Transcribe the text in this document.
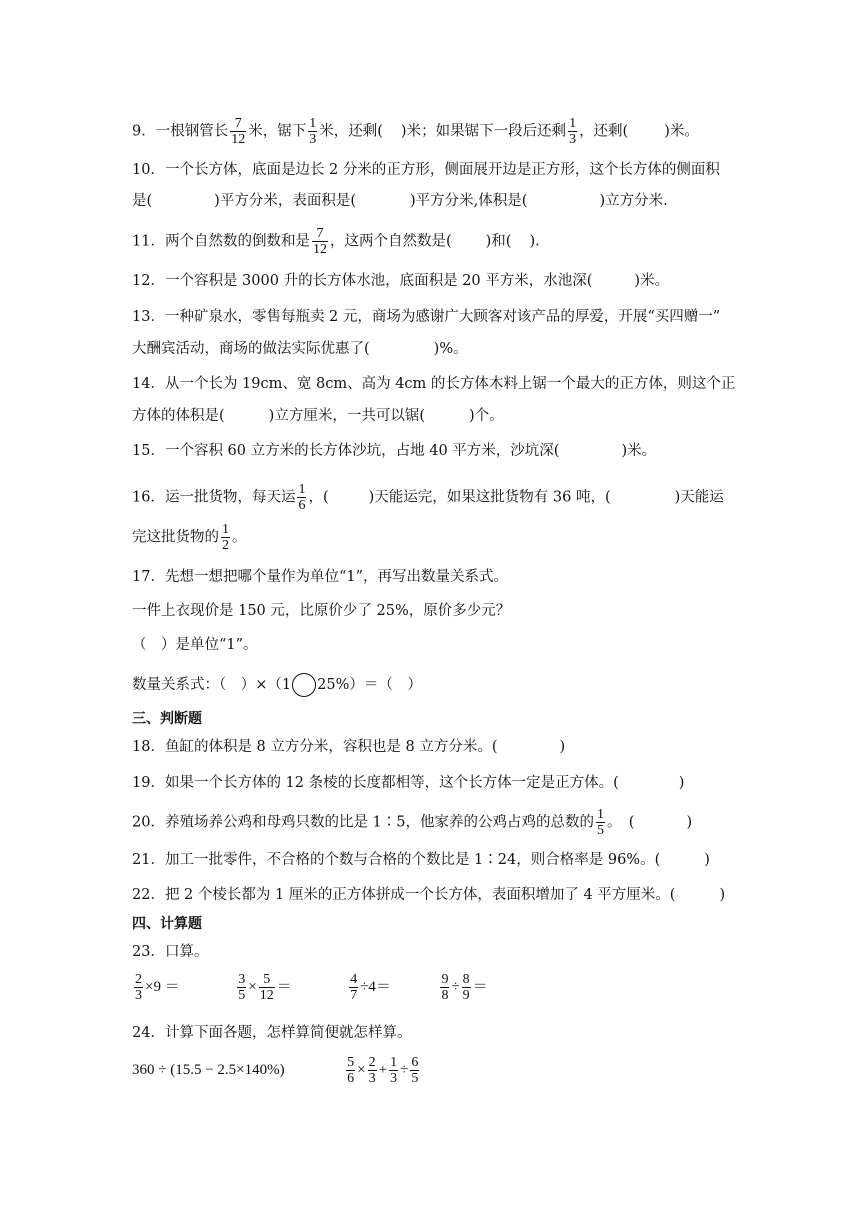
9．一根钢管长 $\frac{7}{12}$ 米，锯下 $\frac{1}{3}$ 米，还剩( )米；如果锯下一段后还剩 $\frac{1}{3}$ ，还剩( )米。
10．一个长方体，底面是边长 2 分米的正方形，侧面展开边是正方形，这个长方体的侧面积
是(	)平方分米，表面积是(	)平方分米,体积是(	)立方分米.
11．两个自然数的倒数和是 $\frac{7}{12}$ ，这两个自然数是( )和( ).
12．一个容积是 3000 升的长方体水池，底面积是 20 平方米，水池深(	)米。
13．一种矿泉水，零售每瓶卖 2 元，商场为感谢广大顾客对该产品的厚爱，开展“买四赠一”
大酬宾活动，商场的做法实际优惠了(	)%。
14．从一个长为 19cm、宽 8cm、高为 4cm 的长方体木料上锯一个最大的正方体，则这个正
方体的体积是(	)立方厘米，一共可以锯(	)个。
15．一个容积 60 立方米的长方体沙坑，占地 40 平方米，沙坑深(	)米。
16．运一批货物，每天运 $\frac{1}{6}$ ，(	)天能运完，如果这批货物有 36 吨，(	)天能运
完这批货物的 $\frac{1}{2}$ 。
17．先想一想把哪个量作为单位“1”，再写出数量关系式。
一件上衣现价是 150 元，比原价少了 25%，原价多少元？
（　）是单位“1”。
数量关系式：（　）×（1 25%）＝（　）
三、判断题
18．鱼缸的体积是 8 立方分米，容积也是 8 立方分米。(	)
19．如果一个长方体的 12 条棱的长度都相等，这个长方体一定是正方体。(	)
20．养殖场养公鸡和母鸡只数的比是 1∶5，他家养的公鸡占鸡的总数的 $\frac{1}{5}$ 。　(	)
21．加工一批零件，不合格的个数与合格的个数比是 1∶24，则合格率是 96%。(	)
22．把 2 个棱长都为 1 厘米的正方体拼成一个长方体，表面积增加了 4 平方厘米。(	)
四、计算题
23．口算。
$\frac{2}{3} \times 9$ ＝	$\frac{3}{5} \times \frac{5}{12}$ ＝	$\frac{4}{7} \div 4=$	$\frac{9}{8} \div \frac{8}{9}$ ＝
24．计算下面各题，怎样算简便就怎样算。
360 ÷ (15.5 − 2.5×140%)	$\frac{5}{6} \times \frac{2}{3} + \frac{1}{3} \div \frac{6}{5}$
